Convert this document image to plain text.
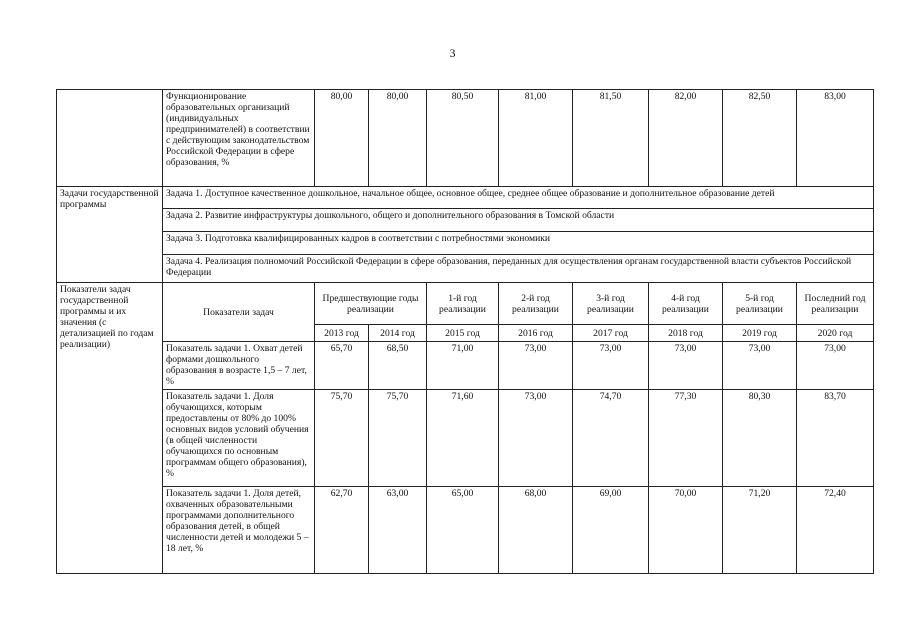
3
	Функционирование образовательных организаций (индивидуальных предпринимателей) в соответствии с действующим законодательством Российской Федерации в сфере образования, %	80,00	80,00	80,50	81,00	81,50	82,00	82,50	83,00
Задачи государственной программы	Задача 1. Доступное качественное дошкольное, начальное общее, основное общее, среднее общее образование и дополнительное образование детей								
	Задача 2. Развитие инфраструктуры дошкольного, общего и дополнительного образования в Томской области								
	Задача 3. Подготовка квалифицированных кадров в соответствии с потребностями экономики								
	Задача 4. Реализация полномочий Российской Федерации в сфере образования, переданных для осуществления органам государственной власти субъектов Российской Федерации								
Показатели задач государственной программы и их значения (с детализацией по годам реализации)	Показатели задач	Предшествующие годы реализации		1-й год реализации	2-й год реализации	3-й год реализации	4-й год реализации	5-й год реализации	Последний год реализации
		2013 год	2014 год	2015 год	2016 год	2017 год	2018 год	2019 год	2020 год
	Показатель задачи 1. Охват детей формами дошкольного образования в возрасте 1,5 – 7 лет, %	65,70	68,50	71,00	73,00	73,00	73,00	73,00	73,00
	Показатель задачи 1. Доля обучающихся, которым предоставлены от 80% до 100% основных видов условий обучения (в общей численности обучающихся по основным программам общего образования), %	75,70	75,70	71,60	73,00	74,70	77,30	80,30	83,70
	Показатель задачи 1. Доля детей, охваченных образовательными программами дополнительного образования детей, в общей численности детей и молодежи 5 – 18 лет, %	62,70	63,00	65,00	68,00	69,00	70,00	71,20	72,40
